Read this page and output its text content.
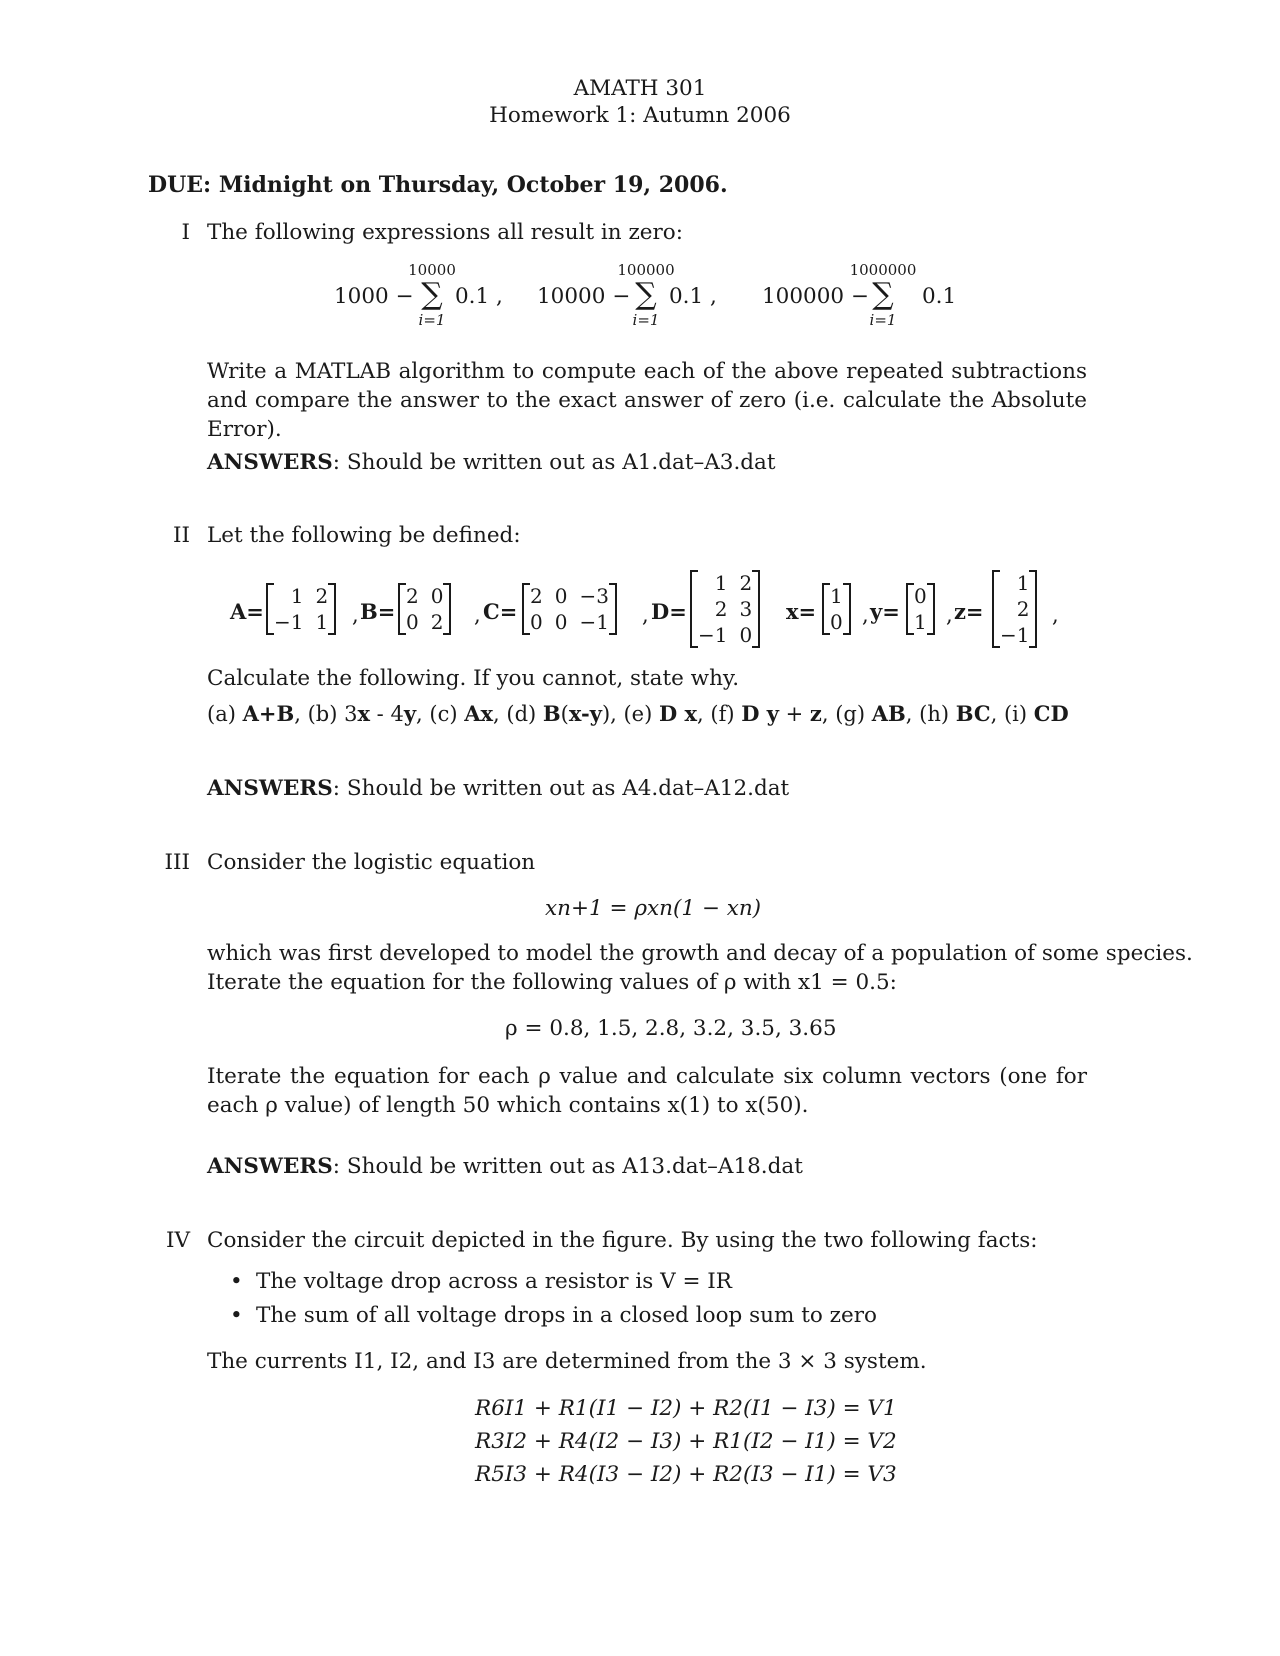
AMATH 301
Homework 1: Autumn 2006
DUE: Midnight on Thursday, October 19, 2006.
I The following expressions all result in zero:
1000 −
10000
∑
i=1
0.1 , 10000 −
100000
∑
i=1
0.1 , 100000 −
1000000
∑
i=1
0.1
Write a MATLAB algorithm to compute each of the above repeated subtractions and compare the answer to the exact answer of zero (i.e. calculate the Absolute Error).
ANSWERS: Should be written out as A1.dat–A3.dat
II Let the following be defined:
A=
1	2
−1	1 , B=
2	0
0	2 , C=
2	0	−3
0	0	−1 , D=
1	2
2	3
−1	0
x=
1
0 , y=
0
1 , z=
1
2
−1
,
Calculate the following. If you cannot, state why.
(a) A+B, (b) 3x - 4y, (c) Ax, (d) B(x-y), (e) D x, (f) D y + z, (g) AB, (h) BC, (i) CD
ANSWERS: Should be written out as A4.dat–A12.dat
III Consider the logistic equation
xn+1 = ρxn(1 − xn)
which was first developed to model the growth and decay of a population of some species.
Iterate the equation for the following values of ρ with x1 = 0.5:
ρ = 0.8, 1.5, 2.8, 3.2, 3.5, 3.65
Iterate the equation for each ρ value and calculate six column vectors (one for each ρ value) of length 50 which contains x(1) to x(50).
ANSWERS: Should be written out as A13.dat–A18.dat
IV Consider the circuit depicted in the figure. By using the two following facts:
• The voltage drop across a resistor is V = IR
• The sum of all voltage drops in a closed loop sum to zero
The currents I1, I2, and I3 are determined from the 3 × 3 system.
R6I1 + R1(I1 − I2) + R2(I1 − I3) = V1
R3I2 + R4(I2 − I3) + R1(I2 − I1) = V2
R5I3 + R4(I3 − I2) + R2(I3 − I1) = V3
